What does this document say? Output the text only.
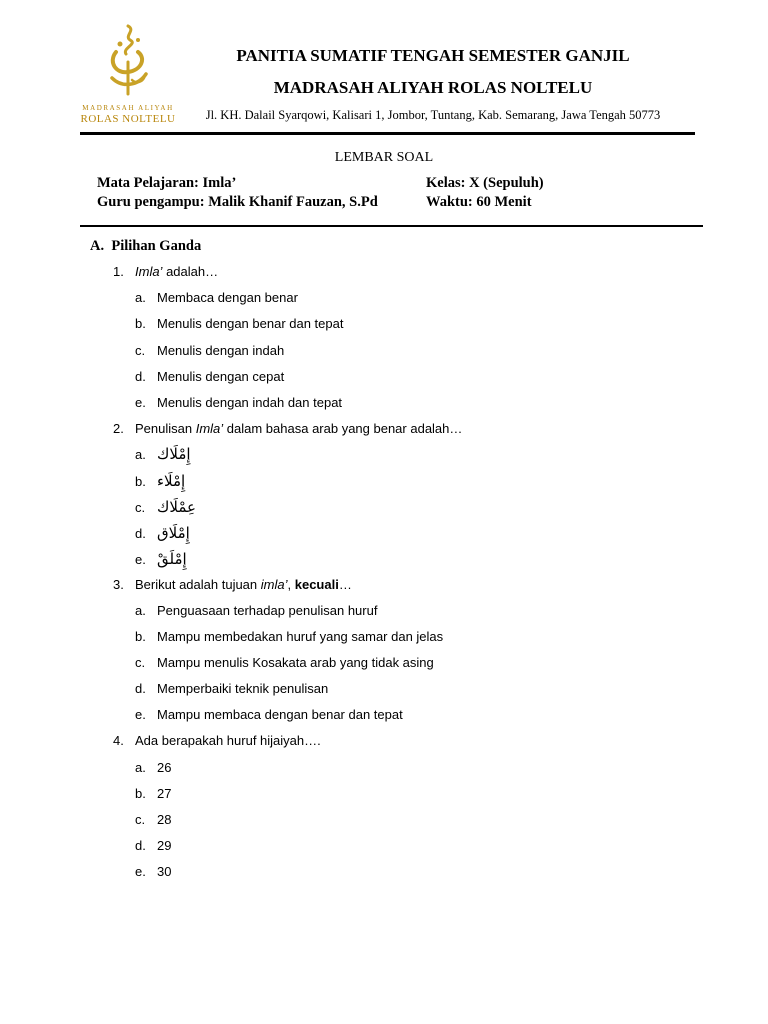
MADRASAH ALIYAH
ROLAS NOLTELU
PANITIA SUMATIF TENGAH SEMESTER GANJIL
MADRASAH ALIYAH ROLAS NOLTELU
Jl. KH. Dalail Syarqowi, Kalisari 1, Jombor, Tuntang, Kab. Semarang, Jawa Tengah 50773
LEMBAR SOAL
Mata Pelajaran: Imla’
Guru pengampu: Malik Khanif Fauzan, S.Pd
Kelas: X (Sepuluh)
Waktu: 60 Menit
A. Pilihan Ganda
1. Imla’ adalah…
a. Membaca dengan benar
b. Menulis dengan benar dan tepat
c. Menulis dengan indah
d. Menulis dengan cepat
e. Menulis dengan indah dan tepat
2. Penulisan Imla’ dalam bahasa arab yang benar adalah…
a. إِمْلَاك
b. إِمْلَاء
c. عِمْلَاك
d. إِمْلَاق
e. إِمْلَقْ
3. Berikut adalah tujuan imla’, kecuali…
a. Penguasaan terhadap penulisan huruf
b. Mampu membedakan huruf yang samar dan jelas
c. Mampu menulis Kosakata arab yang tidak asing
d. Memperbaiki teknik penulisan
e. Mampu membaca dengan benar dan tepat
4. Ada berapakah huruf hijaiyah….
a. 26
b. 27
c. 28
d. 29
e. 30
